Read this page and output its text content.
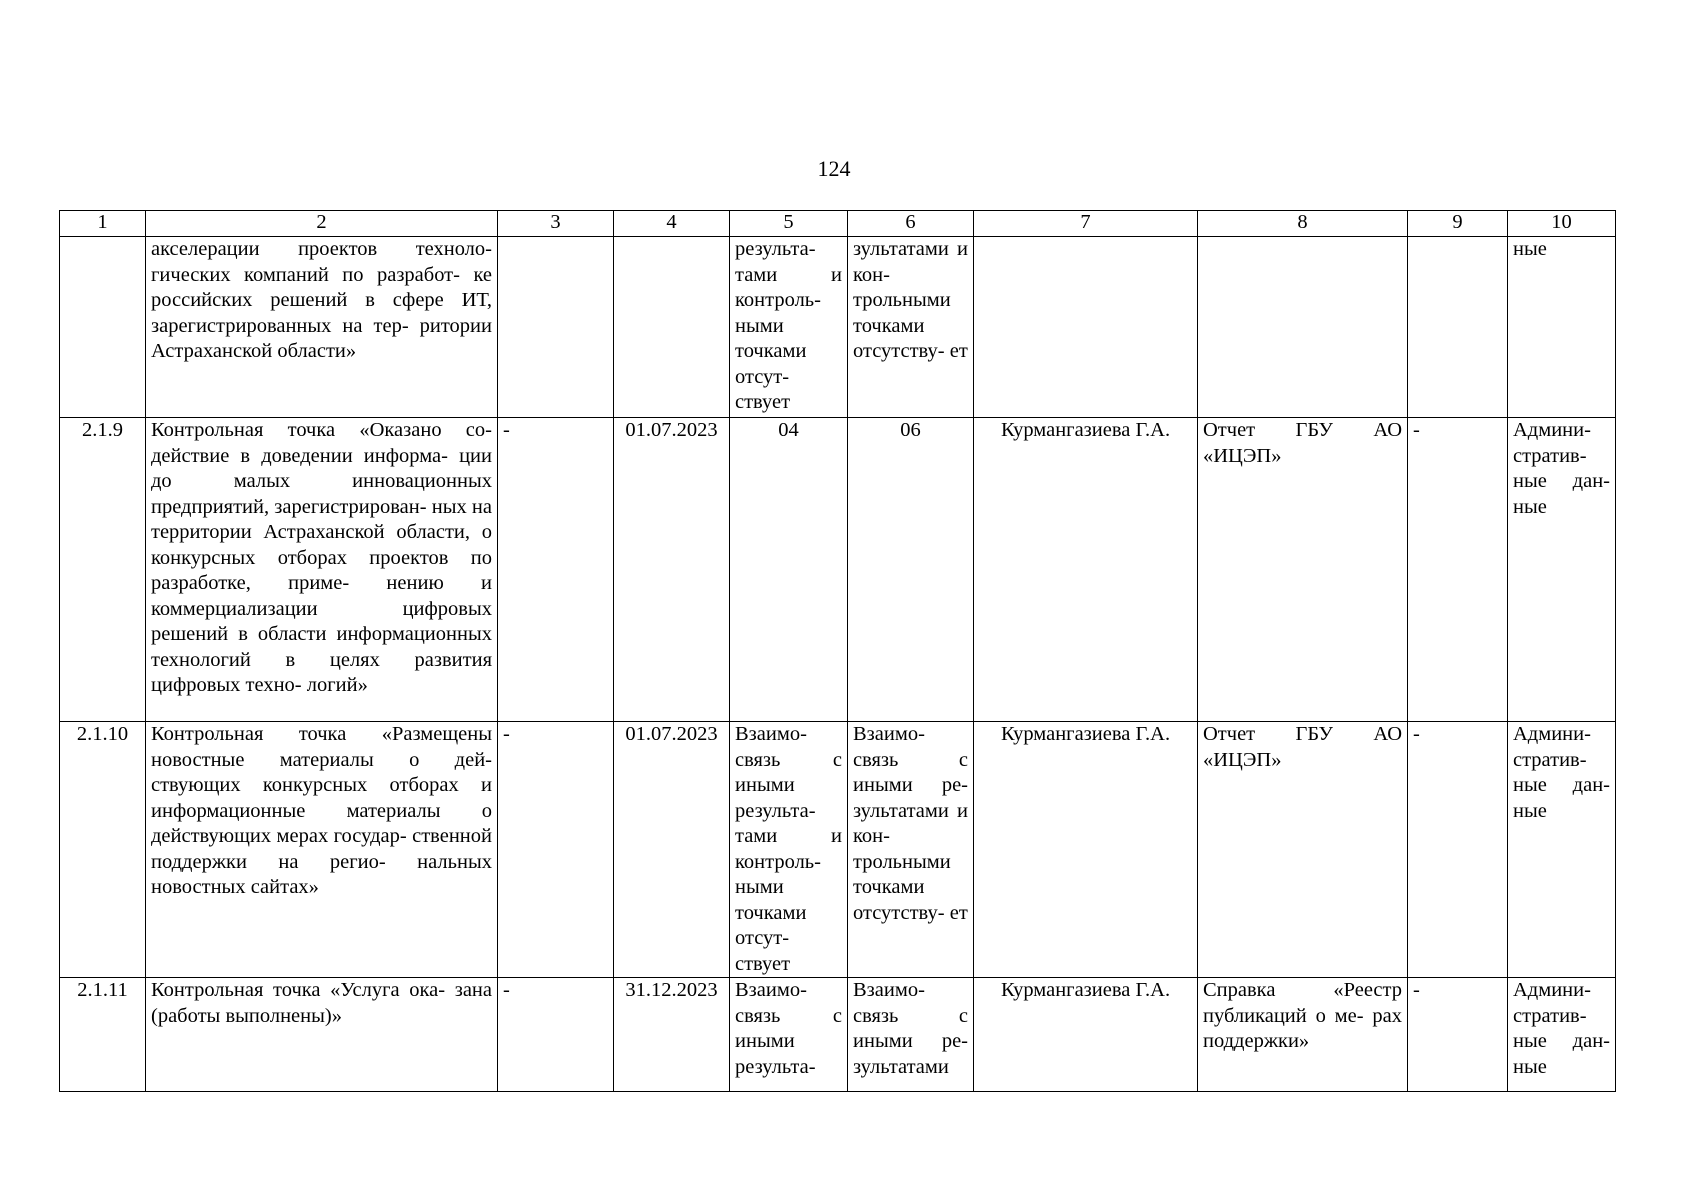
124
1	2	3	4	5	6	7	8	9	10
	акселерации проектов техноло- гических компаний по разработ- ке российских решений в сфере ИТ, зарегистрированных на тер- ритории Астраханской области»			результа- тами и контроль- ными точками отсут- ствует	зультатами и кон- трольными точками отсутству- ет				ные
2.1.9	Контрольная точка «Оказано со- действие в доведении информа- ции до малых инновационных предприятий, зарегистрирован- ных на территории Астраханской области, о конкурсных отборах проектов по разработке, приме- нению и коммерциализации цифровых решений в области информационных технологий в целях развития цифровых техно- логий»	-	01.07.2023	04	06	Курмангазиева Г.А.	Отчет ГБУ АО «ИЦЭП»	-	Админи- стратив- ные дан- ные
2.1.10	Контрольная точка «Размещены новостные материалы о дей- ствующих конкурсных отборах и информационные материалы о действующих мерах государ- ственной поддержки на регио- нальных новостных сайтах»	-	01.07.2023	Взаимо- связь с иными результа- тами и контроль- ными точками отсут- ствует	Взаимо- связь с иными ре- зультатами и кон- трольными точками отсутству- ет	Курмангазиева Г.А.	Отчет ГБУ АО «ИЦЭП»	-	Админи- стратив- ные дан- ные
2.1.11	Контрольная точка «Услуга ока- зана (работы выполнены)»	-	31.12.2023	Взаимо- связь с иными результа-	Взаимо- связь с иными ре- зультатами	Курмангазиева Г.А.	Справка «Реестр публикаций о ме- рах поддержки»	-	Админи- стратив- ные дан- ные
